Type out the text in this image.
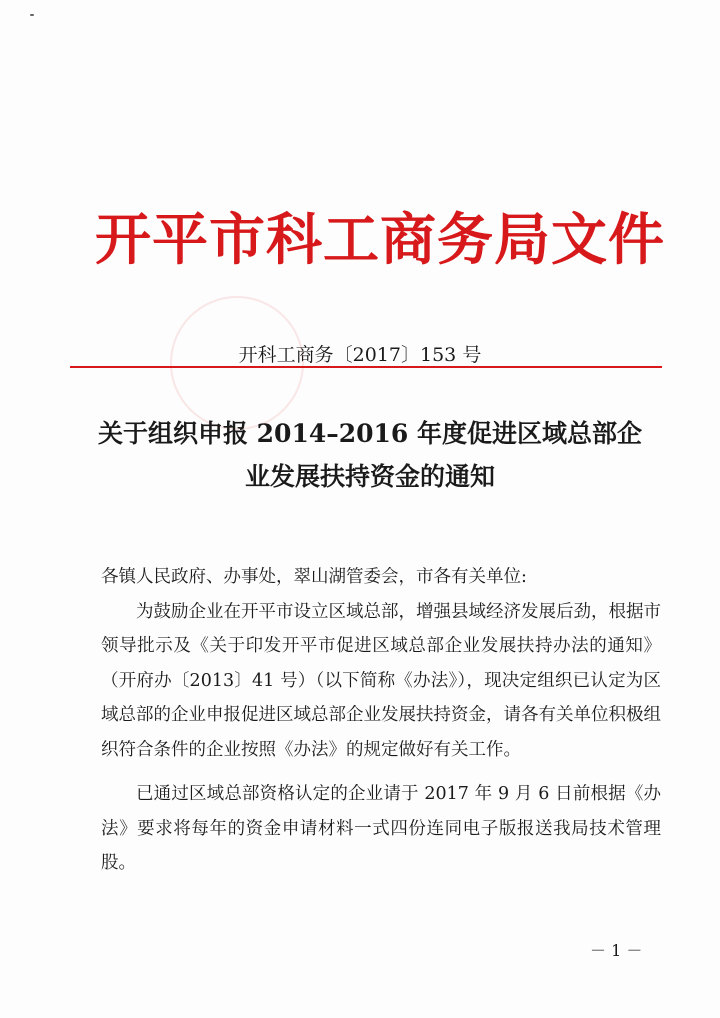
开平市科工商务局文件
开科工商务〔2017〕153 号
关于组织申报 2014–2016 年度促进区域总部企
业发展扶持资金的通知

各镇人民政府、办事处，翠山湖管委会，市各有关单位:

为鼓励企业在开平市设立区域总部，增强县域经济发展后劲，根据市领导批示及《关于印发开平市促进区域总部企业发展扶持办法的通知》（开府办〔2013〕41 号）（以下简称《办法》），现决定组织已认定为区域总部的企业申报促进区域总部企业发展扶持资金，请各有关单位积极组织符合条件的企业按照《办法》的规定做好有关工作。

已通过区域总部资格认定的企业请于 2017 年 9 月 6 日前根据《办法》要求将每年的资金申请材料一式四份连同电子版报送我局技术管理股。

－ 1 －
